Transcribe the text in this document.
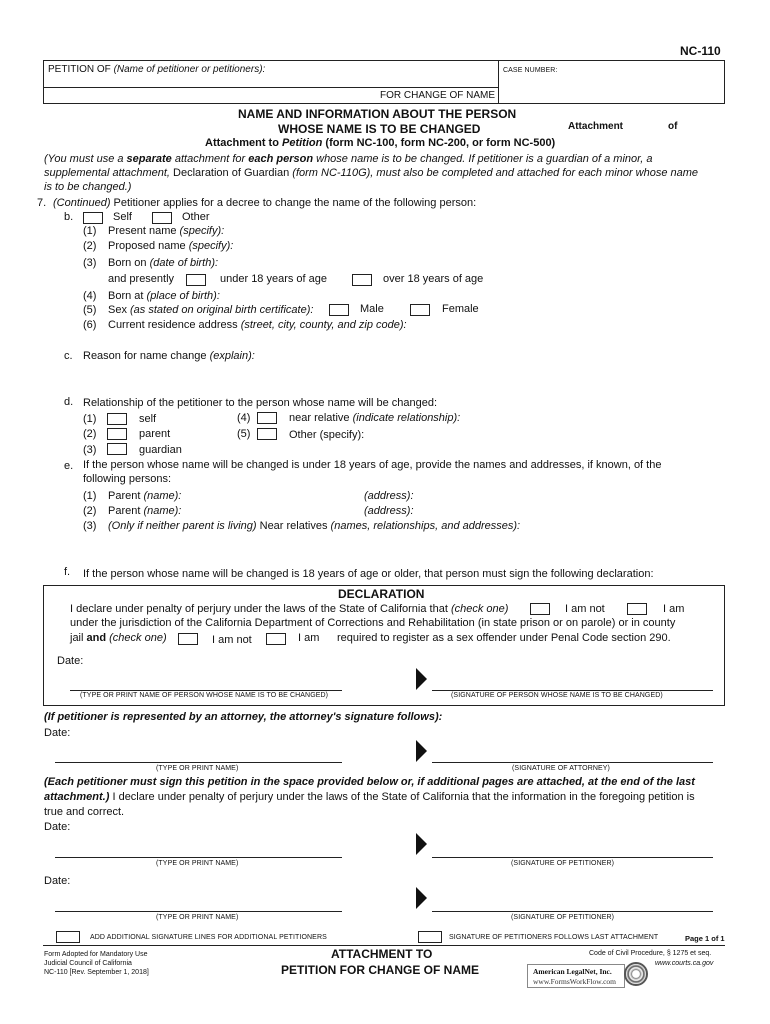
NC-110
PETITION OF (Name of petitioner or petitioners):	CASE NUMBER:
FOR CHANGE OF NAME
NAME AND INFORMATION ABOUT THE PERSON
WHOSE NAME IS TO BE CHANGED	Attachment	of
Attachment to Petition (form NC-100, form NC-200, or form NC-500)
(You must use a separate attachment for each person whose name is to be changed. If petitioner is a guardian of a minor, a
supplemental attachment, Declaration of Guardian (form NC-110G), must also be completed and attached for each minor whose name
is to be changed.)
7. (Continued) Petitioner applies for a decree to change the name of the following person:
b.	Self	Other
(1) Present name (specify):
(2) Proposed name (specify):
(3) Born on (date of birth):
and presently	under 18 years of age	over 18 years of age
(4) Born at (place of birth):
(5) Sex (as stated on original birth certificate):	Male	Female
(6) Current residence address (street, city, county, and zip code):
c. Reason for name change (explain):
d. Relationship of the petitioner to the person whose name will be changed:
(1)	self
(2)	parent
(3)	guardian
(4)	near relative (indicate relationship):
(5)	Other (specify):
e. If the person whose name will be changed is under 18 years of age, provide the names and addresses, if known, of the
following persons:
(1) Parent (name):	(address):
(2) Parent (name):	(address):
(3) (Only if neither parent is living) Near relatives (names, relationships, and addresses):
f. If the person whose name will be changed is 18 years of age or older, that person must sign the following declaration:
DECLARATION
I declare under penalty of perjury under the laws of the State of California that (check one)	I am not	I am
under the jurisdiction of the California Department of Corrections and Rehabilitation (in state prison or on parole) or in county
jail and (check one)	I am not	I am required to register as a sex offender under Penal Code section 290.
Date:
(TYPE OR PRINT NAME OF PERSON WHOSE NAME IS TO BE CHANGED)	(SIGNATURE OF PERSON WHOSE NAME IS TO BE CHANGED)
(If petitioner is represented by an attorney, the attorney's signature follows):
Date:
(TYPE OR PRINT NAME)	(SIGNATURE OF ATTORNEY)
(Each petitioner must sign this petition in the space provided below or, if additional pages are attached, at the end of the last
attachment.) I declare under penalty of perjury under the laws of the State of California that the information in the foregoing petition is
true and correct.
Date:
(TYPE OR PRINT NAME)	(SIGNATURE OF PETITIONER)
Date:
(TYPE OR PRINT NAME)	(SIGNATURE OF PETITIONER)
ADD ADDITIONAL SIGNATURE LINES FOR ADDITIONAL PETITIONERS	SIGNATURE OF PETITIONERS FOLLOWS LAST ATTACHMENT	Page 1 of 1
Form Adopted for Mandatory Use
Judicial Council of California
NC-110 [Rev. September 1, 2018]
ATTACHMENT TO
PETITION FOR CHANGE OF NAME
Code of Civil Procedure, § 1275 et seq.
www.courts.ca.gov
American LegalNet, Inc.
www.FormsWorkFlow.com
